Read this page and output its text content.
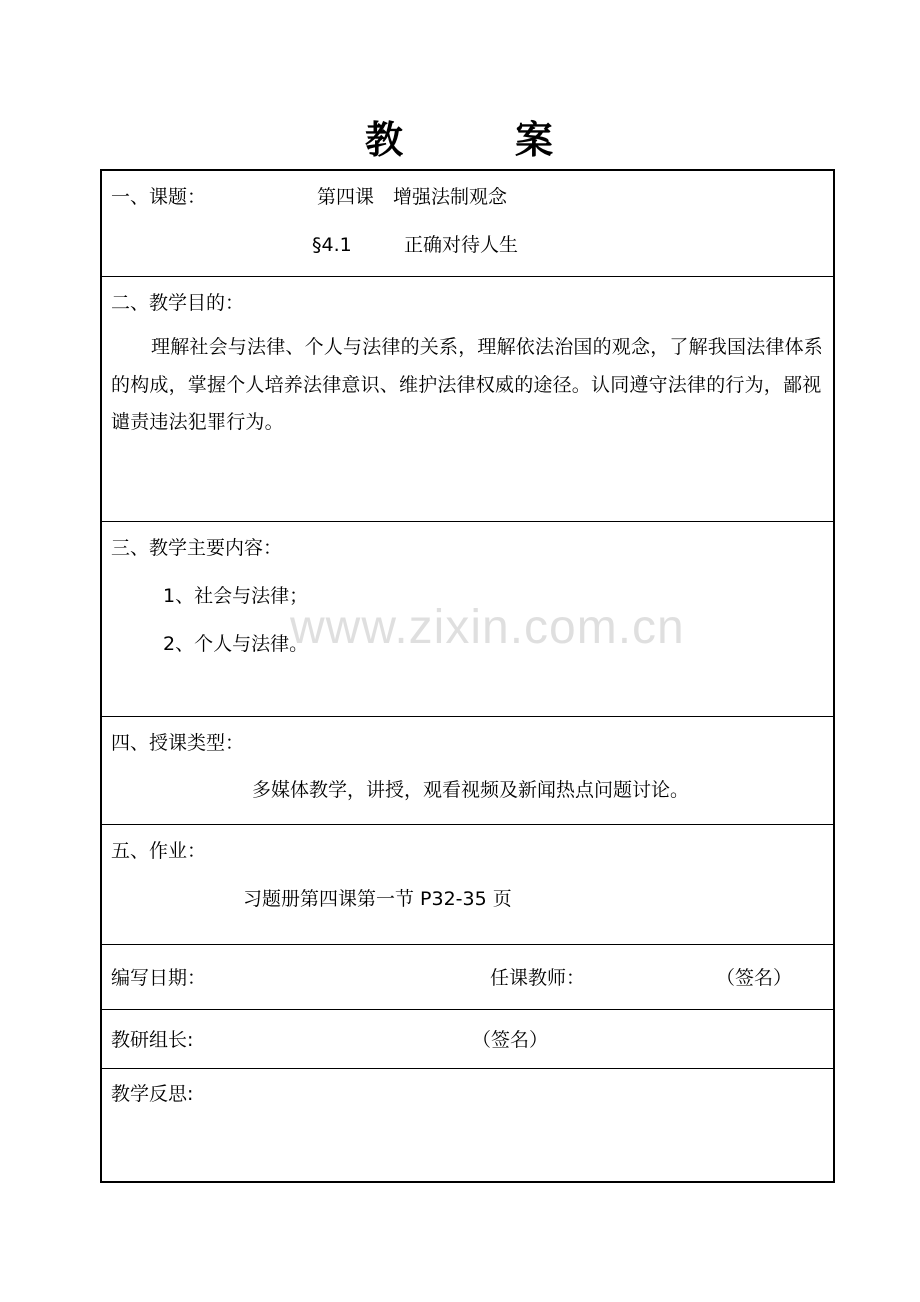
教	案
一、课题：	第四课　增强法制观念
§4.1	正确对待人生
二、教学目的：
理解社会与法律、个人与法律的关系，理解依法治国的观念，了解我国法律体系的构成，掌握个人培养法律意识、维护法律权威的途径。认同遵守法律的行为，鄙视谴责违法犯罪行为。
三、教学主要内容：
1、社会与法律；
2、个人与法律。
四、授课类型：
多媒体教学，讲授，观看视频及新闻热点问题讨论。
五、作业：
习题册第四课第一节 P32-35 页
编写日期：	任课教师：	（签名）
教研组长:	（签名）
教学反思:
www.zixin.com.cn
